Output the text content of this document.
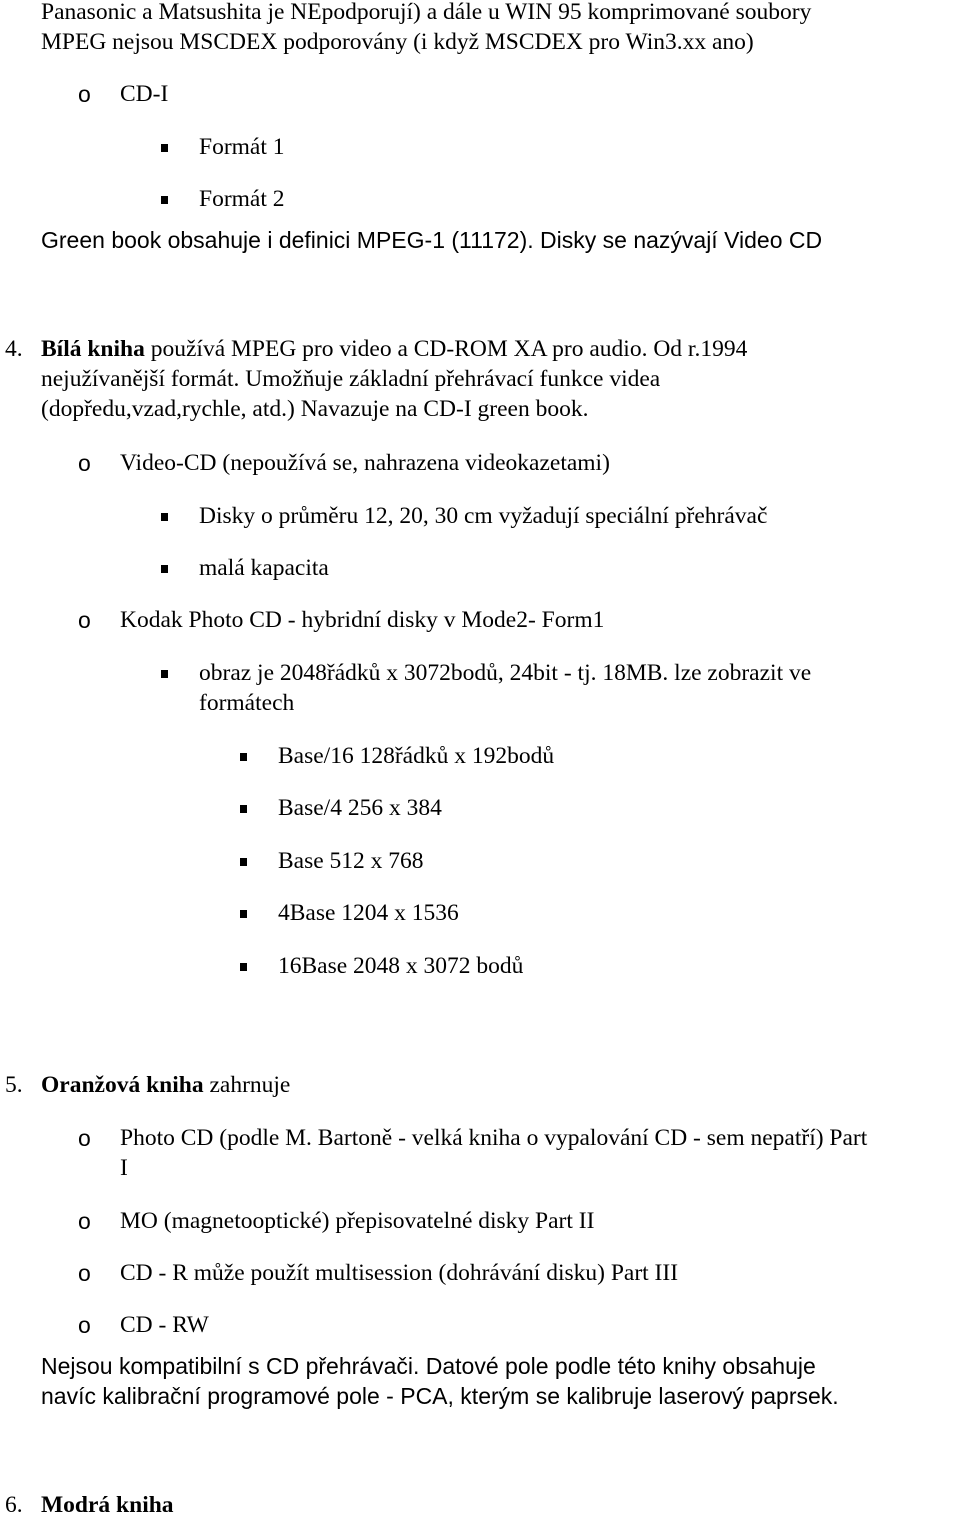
Panasonic a Matsushita je NEpodporují) a dále u WIN 95 komprimované soubory
MPEG nejsou MSCDEX podporovány (i když MSCDEX pro Win3.xx ano)
o CD-I
Formát 1
Formát 2
Green book obsahuje i definici MPEG-1 (11172). Disky se nazývají Video CD
4. Bílá kniha používá MPEG pro video a CD-ROM XA pro audio. Od r.1994
nejužívanější formát. Umožňuje základní přehrávací funkce videa
(dopředu,vzad,rychle, atd.) Navazuje na CD-I green book.
o Video-CD (nepoužívá se, nahrazena videokazetami)
Disky o průměru 12, 20, 30 cm vyžadují speciální přehrávač
malá kapacita
o Kodak Photo CD - hybridní disky v Mode2- Form1
obraz je 2048řádků x 3072bodů, 24bit - tj. 18MB. lze zobrazit ve
formátech
Base/16 128řádků x 192bodů
Base/4 256 x 384
Base 512 x 768
4Base 1204 x 1536
16Base 2048 x 3072 bodů
5. Oranžová kniha zahrnuje
o Photo CD (podle M. Bartoně - velká kniha o vypalování CD - sem nepatří) Part
I
o MO (magnetooptické) přepisovatelné disky Part II
o CD - R může použít multisession (dohrávání disku) Part III
o CD - RW
Nejsou kompatibilní s CD přehrávači. Datové pole podle této knihy obsahuje
navíc kalibrační programové pole - PCA, kterým se kalibruje laserový paprsek.
6. Modrá kniha
